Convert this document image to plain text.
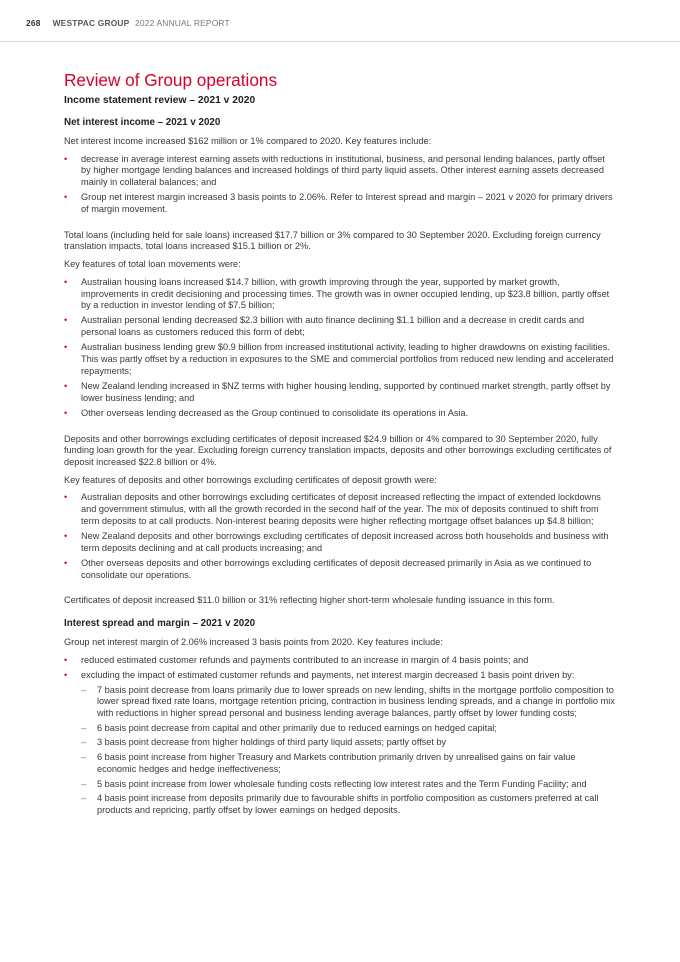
268 WESTPAC GROUP 2022 ANNUAL REPORT
Review of Group operations
Income statement review – 2021 v 2020
Net interest income – 2021 v 2020

Net interest income increased $162 million or 1% compared to 2020. Key features include:

• decrease in average interest earning assets with reductions in institutional, business, and personal lending balances, partly offset by higher mortgage lending balances and increased holdings of third party liquid assets. Other interest earning assets decreased mainly in collateral balances; and
• Group net interest margin increased 3 basis points to 2.06%. Refer to Interest spread and margin – 2021 v 2020 for primary drivers of margin movement.

Total loans (including held for sale loans) increased $17.7 billion or 3% compared to 30 September 2020. Excluding foreign currency translation impacts, total loans increased $15.1 billion or 2%.

Key features of total loan movements were:

• Australian housing loans increased $14.7 billion, with growth improving through the year, supported by market growth, improvements in credit decisioning and processing times. The growth was in owner occupied lending, up $23.8 billion, partly offset by a reduction in investor lending of $7.5 billion;
• Australian personal lending decreased $2.3 billion with auto finance declining $1.1 billion and a decrease in credit cards and personal loans as customers reduced this form of debt;
• Australian business lending grew $0.9 billion from increased institutional activity, leading to higher drawdowns on existing facilities. This was partly offset by a reduction in exposures to the SME and commercial portfolios from reduced new lending and accelerated repayments;
• New Zealand lending increased in $NZ terms with higher housing lending, supported by continued market strength, partly offset by lower business lending; and
• Other overseas lending decreased as the Group continued to consolidate its operations in Asia.

Deposits and other borrowings excluding certificates of deposit increased $24.9 billion or 4% compared to 30 September 2020, fully funding loan growth for the year. Excluding foreign currency translation impacts, deposits and other borrowings excluding certificates of deposit increased $22.8 billion or 4%.

Key features of deposits and other borrowings excluding certificates of deposit growth were:

• Australian deposits and other borrowings excluding certificates of deposit increased reflecting the impact of extended lockdowns and government stimulus, with all the growth recorded in the second half of the year. The mix of deposits continued to shift from term deposits to at call products. Non-interest bearing deposits were higher reflecting mortgage offset balances up $4.8 billion;
• New Zealand deposits and other borrowings excluding certificates of deposit increased across both households and business with term deposits declining and at call products increasing; and
• Other overseas deposits and other borrowings excluding certificates of deposit decreased primarily in Asia as we continued to consolidate our operations.

Certificates of deposit increased $11.0 billion or 31% reflecting higher short-term wholesale funding issuance in this form.

Interest spread and margin – 2021 v 2020

Group net interest margin of 2.06% increased 3 basis points from 2020. Key features include:

• reduced estimated customer refunds and payments contributed to an increase in margin of 4 basis points; and
• excluding the impact of estimated customer refunds and payments, net interest margin decreased 1 basis point driven by:
– 7 basis point decrease from loans primarily due to lower spreads on new lending, shifts in the mortgage portfolio composition to lower spread fixed rate loans, mortgage retention pricing, contraction in business lending spreads, and a change in portfolio mix with reductions in higher spread personal and business lending average balances, partly offset by lower funding costs;
– 6 basis point decrease from capital and other primarily due to reduced earnings on hedged capital;
– 3 basis point decrease from higher holdings of third party liquid assets; partly offset by
– 6 basis point increase from higher Treasury and Markets contribution primarily driven by unrealised gains on fair value economic hedges and hedge ineffectiveness;
– 5 basis point increase from lower wholesale funding costs reflecting low interest rates and the Term Funding Facility; and
– 4 basis point increase from deposits primarily due to favourable shifts in portfolio composition as customers preferred at call products and repricing, partly offset by lower earnings on hedged deposits.
